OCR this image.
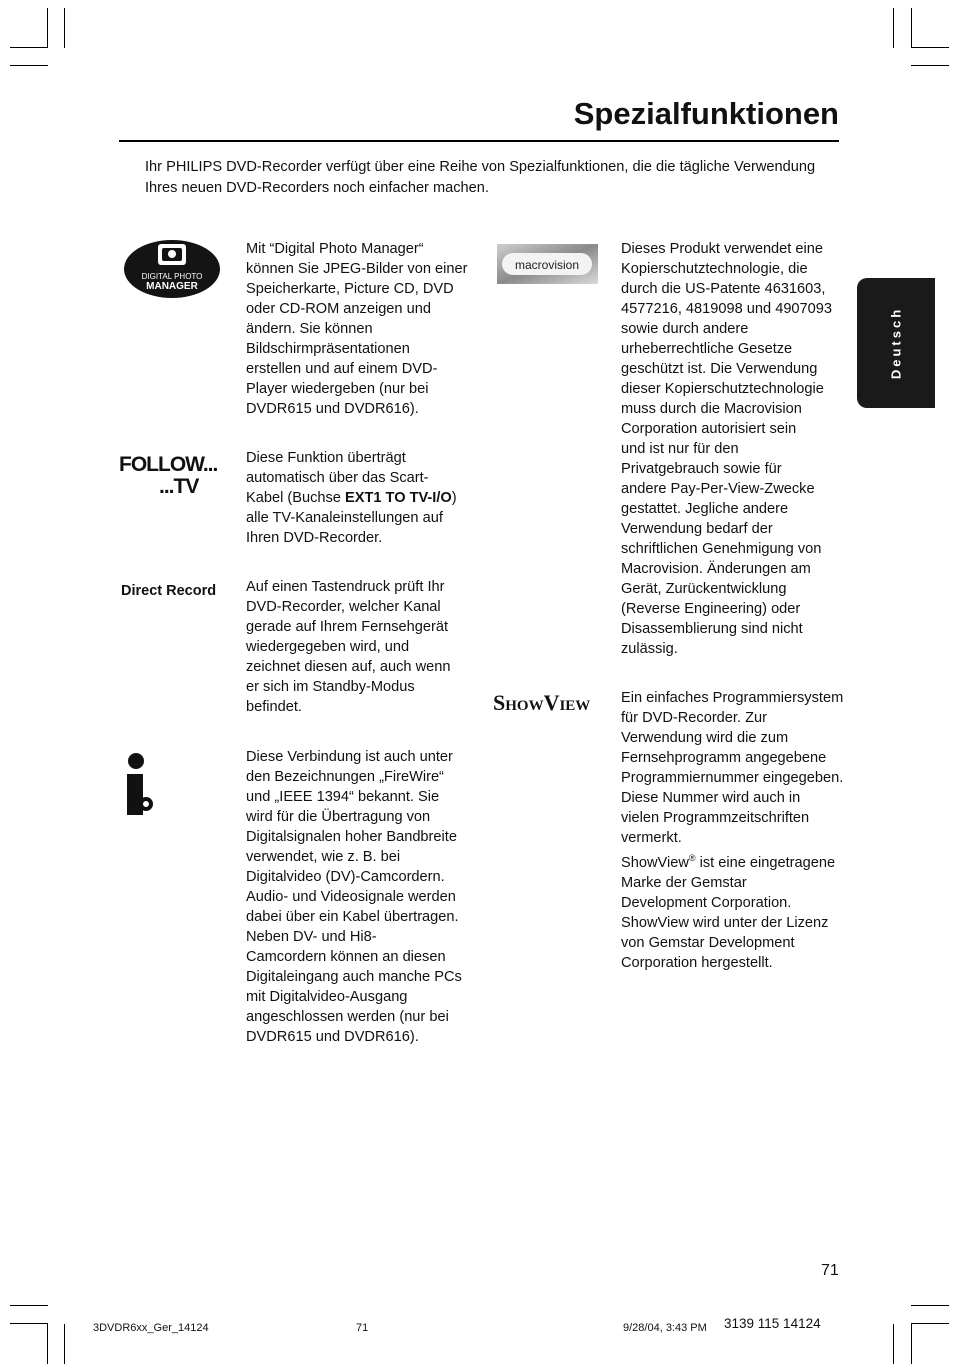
Spezialfunktionen
Ihr PHILIPS DVD-Recorder verfügt über eine Reihe von Spezialfunktionen, die die tägliche Verwendung Ihres neuen DVD-Recorders noch einfacher machen.
Deutsch
DIGITAL PHOTO
MANAGER
Mit “Digital Photo Manager“
können Sie JPEG-Bilder von einer
Speicherkarte, Picture CD, DVD
oder CD-ROM anzeigen und
ändern. Sie können
Bildschirmpräsentationen
erstellen und auf einem DVD-
Player wiedergeben (nur bei
DVDR615 und DVDR616).
FOLLOW...
...TV
Diese Funktion überträgt
automatisch über das Scart-
Kabel (Buchse EXT1 TO TV-I/O)
alle TV-Kanaleinstellungen auf
Ihren DVD-Recorder.
Direct Record Auf einen Tastendruck prüft Ihr
DVD-Recorder, welcher Kanal
gerade auf Ihrem Fernsehgerät
wiedergegeben wird, und
zeichnet diesen auf, auch wenn
er sich im Standby-Modus
befindet.
Diese Verbindung ist auch unter
den Bezeichnungen „FireWire“
und „IEEE 1394“ bekannt. Sie
wird für die Übertragung von
Digitalsignalen hoher Bandbreite
verwendet, wie z. B. bei
Digitalvideo (DV)-Camcordern.
Audio- und Videosignale werden
dabei über ein Kabel übertragen.
Neben DV- und Hi8-
Camcordern können an diesen
Digitaleingang auch manche PCs
mit Digitalvideo-Ausgang
angeschlossen werden (nur bei
DVDR615 und DVDR616).
macrovision
Dieses Produkt verwendet eine
Kopierschutztechnologie, die
durch die US-Patente 4631603,
4577216, 4819098 und 4907093
sowie durch andere
urheberrechtliche Gesetze
geschützt ist. Die Verwendung
dieser Kopierschutztechnologie
muss durch die Macrovision
Corporation autorisiert sein
und ist nur für den
Privatgebrauch sowie für
andere Pay-Per-View-Zwecke
gestattet. Jegliche andere
Verwendung bedarf der
schriftlichen Genehmigung von
Macrovision. Änderungen am
Gerät, Zurückentwicklung
(Reverse Engineering) oder
Disassemblierung sind nicht
zulässig.
ShowView Ein einfaches Programmiersystem
für DVD-Recorder. Zur
Verwendung wird die zum
Fernsehprogramm angegebene
Programmiernummer eingegeben.
Diese Nummer wird auch in
vielen Programmzeitschriften
vermerkt.
ShowView® ist eine eingetragene
Marke der Gemstar
Development Corporation.
ShowView wird unter der Lizenz
von Gemstar Development
Corporation hergestellt.
71
3DVDR6xx_Ger_14124	71	9/28/04, 3:43 PM 3139 115 14124
